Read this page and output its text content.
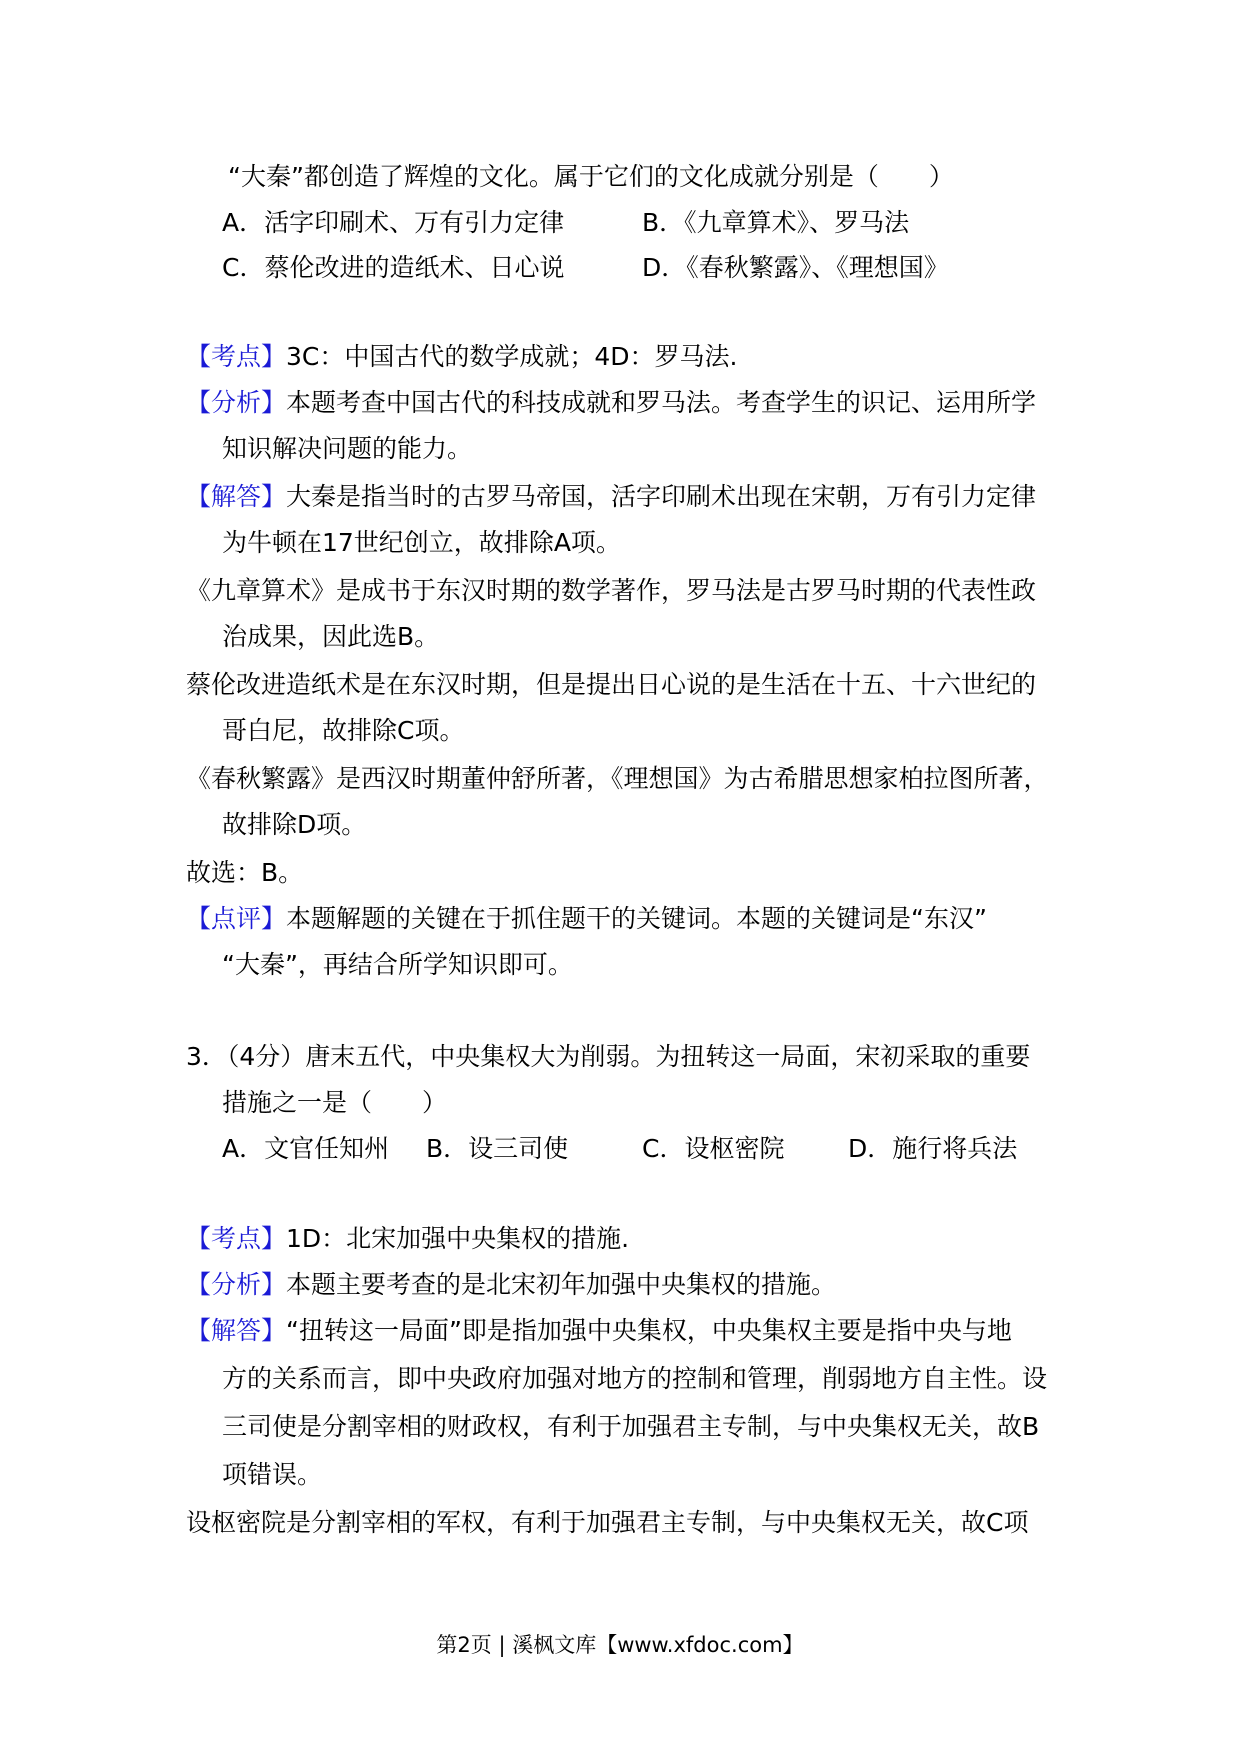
“大秦”都创造了辉煌的文化。属于它们的文化成就分别是（　　）
A．活字印刷术、万有引力定律	B．《九章算术》、罗马法
C．蔡伦改进的造纸术、日心说	D．《春秋繁露》、《理想国》
【考点】3C：中国古代的数学成就；4D：罗马法.
【分析】本题考查中国古代的科技成就和罗马法。考查学生的识记、运用所学
知识解决问题的能力。
【解答】大秦是指当时的古罗马帝国，活字印刷术出现在宋朝，万有引力定律
为牛顿在17世纪创立，故排除A项。
《九章算术》是成书于东汉时期的数学著作，罗马法是古罗马时期的代表性政
治成果，因此选B。
蔡伦改进造纸术是在东汉时期，但是提出日心说的是生活在十五、十六世纪的
哥白尼，故排除C项。
《春秋繁露》是西汉时期董仲舒所著，《理想国》为古希腊思想家柏拉图所著，
故排除D项。
故选：B。
【点评】本题解题的关键在于抓住题干的关键词。本题的关键词是“东汉”
“大秦”，再结合所学知识即可。
3．（4分）唐末五代，中央集权大为削弱。为扭转这一局面，宋初采取的重要
措施之一是（　　）
A．文官任知州 B．设三司使	C．设枢密院	D．施行将兵法
【考点】1D：北宋加强中央集权的措施.
【分析】本题主要考查的是北宋初年加强中央集权的措施。
【解答】“扭转这一局面”即是指加强中央集权，中央集权主要是指中央与地
方的关系而言，即中央政府加强对地方的控制和管理，削弱地方自主性。设
三司使是分割宰相的财政权，有利于加强君主专制，与中央集权无关，故B
项错误。
设枢密院是分割宰相的军权，有利于加强君主专制，与中央集权无关，故C项
第2页 | 溪枫文库【www.xfdoc.com】
